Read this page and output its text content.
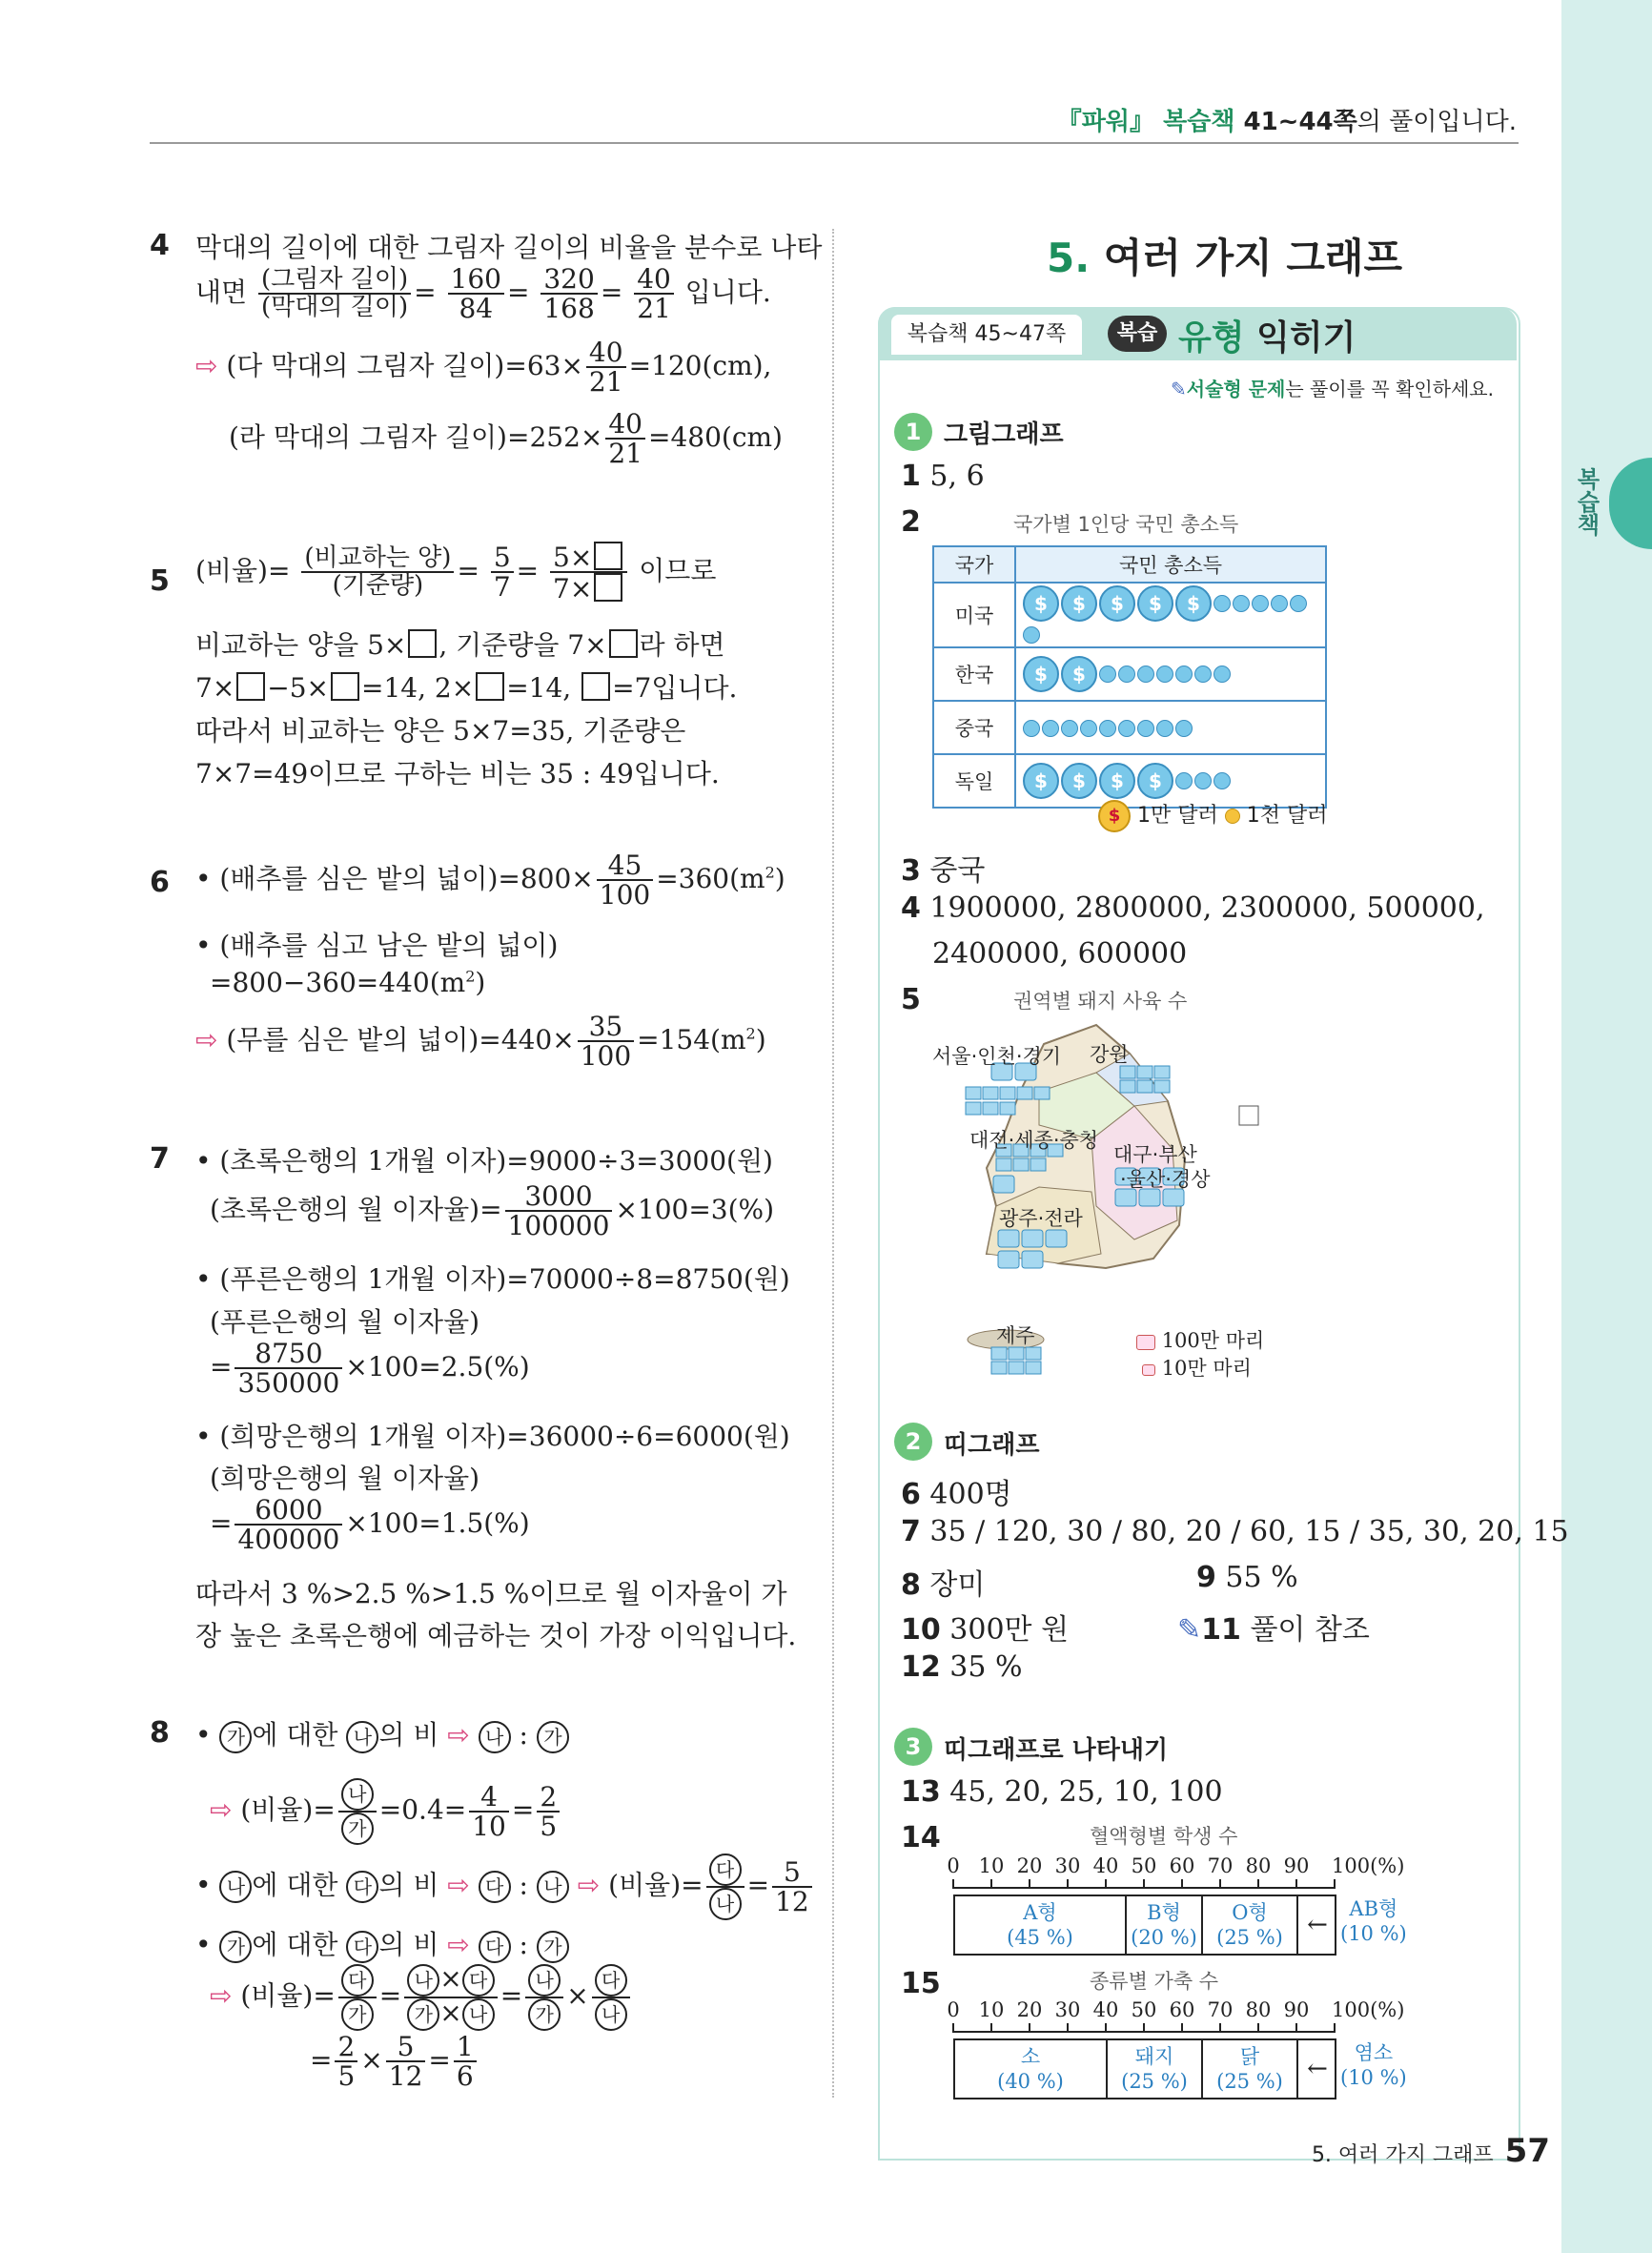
복습책
『파워』 복습책 41~44쪽의 풀이입니다.
4 막대의 길이에 대한 그림자 길이의 비율을 분수로 나타
내면 $\frac{\text{(그림자 길이)}}{\text{(막대의 길이)}} = \frac{160}{84} = \frac{320}{168} = \frac{40}{21}$ 입니다.
⇨ (다 막대의 그림자 길이)$=63\times \frac{40}{21} =120(cm)$,
(라 막대의 그림자 길이)$=252\times \frac{40}{21} =480(cm)$
5 (비율)= $\frac{\text{(비교하는 양)}}{\text{(기준량)}} = \frac{5}{7} = \frac{5\times}{7\times}$ 이므로
비교하는 양을 5× , 기준량을 7× 라 하면
7× −5× =14, 2× =14, =7입니다.
따라서 비교하는 양은 5×7=35, 기준량은
7×7=49이므로 구하는 비는 35 : 49입니다.
6 • (배추를 심은 밭의 넓이)$=800\times \frac{45}{100} =360(m^2)$
• (배추를 심고 남은 밭의 넓이)
$=800-360=440(m^2)$
⇨ (무를 심은 밭의 넓이)$=440\times \frac{35}{100} =154(m^2)$
7 • (초록은행의 1개월 이자)=9000÷3=3000(원)
(초록은행의 월 이자율)= $\frac{3000}{100000} \times 100=3(\%)$
• (푸른은행의 1개월 이자)=70000÷8=8750(원)
(푸른은행의 월 이자율)
= $\frac{8750}{350000} \times 100=2.5(\%)$
• (희망은행의 1개월 이자)=36000÷6=6000(원)
(희망은행의 월 이자율)
= $\frac{6000}{400000} \times 100=1.5(\%)$
따라서 3 %>2.5 %>1.5 %이므로 월 이자율이 가
장 높은 초록은행에 예금하는 것이 가장 이익입니다.
8 • 가 에 대한 나 의 비 ⇨ 나 : 가
⇨ (비율)= $\frac{\text{나}}{\text{가}} =0.4= \frac{4}{10} = \frac{2}{5}$
• 나 에 대한 다 의 비 ⇨ 다 : 나 ⇨ (비율)= $\frac{\text{다}}{\text{나}} = \frac{5}{12}$
• 가 에 대한 다 의 비 ⇨ 다 : 가
⇨ (비율)= $\frac{\text{다}}{\text{가}} = \frac{\text{나 × 다}}{\text{가 × 나}} = \frac{\text{나}}{\text{가}} \times \frac{\text{다}}{\text{나}}$
= $\frac{2}{5} \times \frac{5}{12} = \frac{1}{6}$
5. 여러 가지 그래프
복습책 45~47쪽	복습 유형 익히기
✎서술형 문제는 풀이를 꼭 확인하세요.
1 그림그래프
1 5, 6
2	국가별 1인당 국민 총소득
국가	국민 총소득
미국	$ $ $ $ $
한국	$ $
중국	
독일	$ $ $ $
$ 1만 달러 1천 달러
3 중국
4 1900000, 2800000, 2300000, 500000,
2400000, 600000
5	권역별 돼지 사육 수
서울·인천·경기 강원
대전·세종·충청
대구·부산
·울산·경상
광주·전라
제주	100만 마리
10만 마리
2 띠그래프
6 400명
7 35 / 120, 30 / 80, 20 / 60, 15 / 35, 30, 20, 15
8 장미	9 55 %
10 300만 원	✎11 풀이 참조
12 35 %
3 띠그래프로 나타내기
13 45, 20, 25, 10, 100
14	혈액형별 학생 수
15	종류별 가축 수
5. 여러 가지 그래프 57
0 10 20 30 40 50 60 70 80 90	100(%)
A형
(45 %)
B형
(20 %)
O형
(25 %) ←
AB형
(10 %)
0 10 20 30 40 50 60 70 80 90	100(%)
소
(40 %)
돼지
(25 %)
닭
(25 %) ←
염소
(10 %)
